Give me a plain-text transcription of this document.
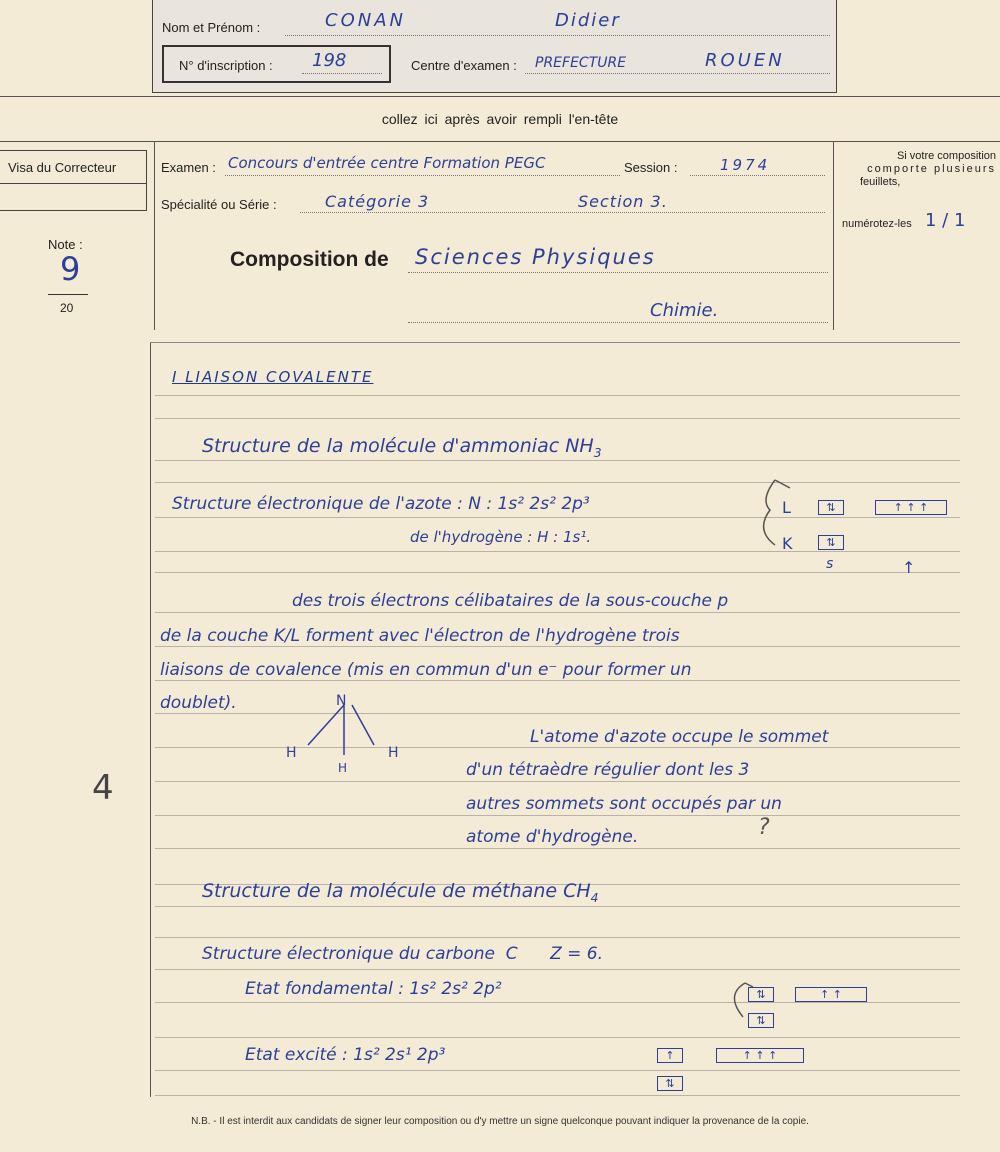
Nom et Prénom :	CONAN	Didier
N° d'inscription : 198	Centre d'examen : PREFECTURE	ROUEN
collez ici après avoir rempli l'en-tête
Visa du Correcteur
Note :
9
20
Examen : Concours d'entrée centre Formation PEGC	Session :	1974
Spécialité ou Série :	Catégorie 3	Section 3.
Composition de Sciences Physiques
Chimie.
Si votre composition
comporte plusieurs
feuillets,
numérotez-les 1 / 1
4
I LIAISON COVALENTE
Structure de la molécule d'ammoniac $NH_3$
Structure électronique de l'azote : N : 1s² 2s² 2p³
de l'hydrogène : H : 1s¹.
L
K
⇅	↑ ↑ ↑
⇅
s	↑
des trois électrons célibataires de la sous-couche p
de la couche K/L forment avec l'électron de l'hydrogène trois
liaisons de covalence (mis en commun d'un e⁻ pour former un
doublet).	N
H
H
H
L'atome d'azote occupe le sommet
d'un tétraèdre régulier dont les 3
autres sommets sont occupés par un
atome d'hydrogène.	?
Structure de la molécule de méthane $CH_4$
Structure électronique du carbone  C      Z = 6.
Etat fondamental : 1s² 2s² 2p²	⇅	↑ ↑
⇅
Etat excité : 1s² 2s¹ 2p³	↑	↑ ↑ ↑
⇅
N.B. - Il est interdit aux candidats de signer leur composition ou d'y mettre un signe quelconque pouvant indiquer la provenance de la copie.
